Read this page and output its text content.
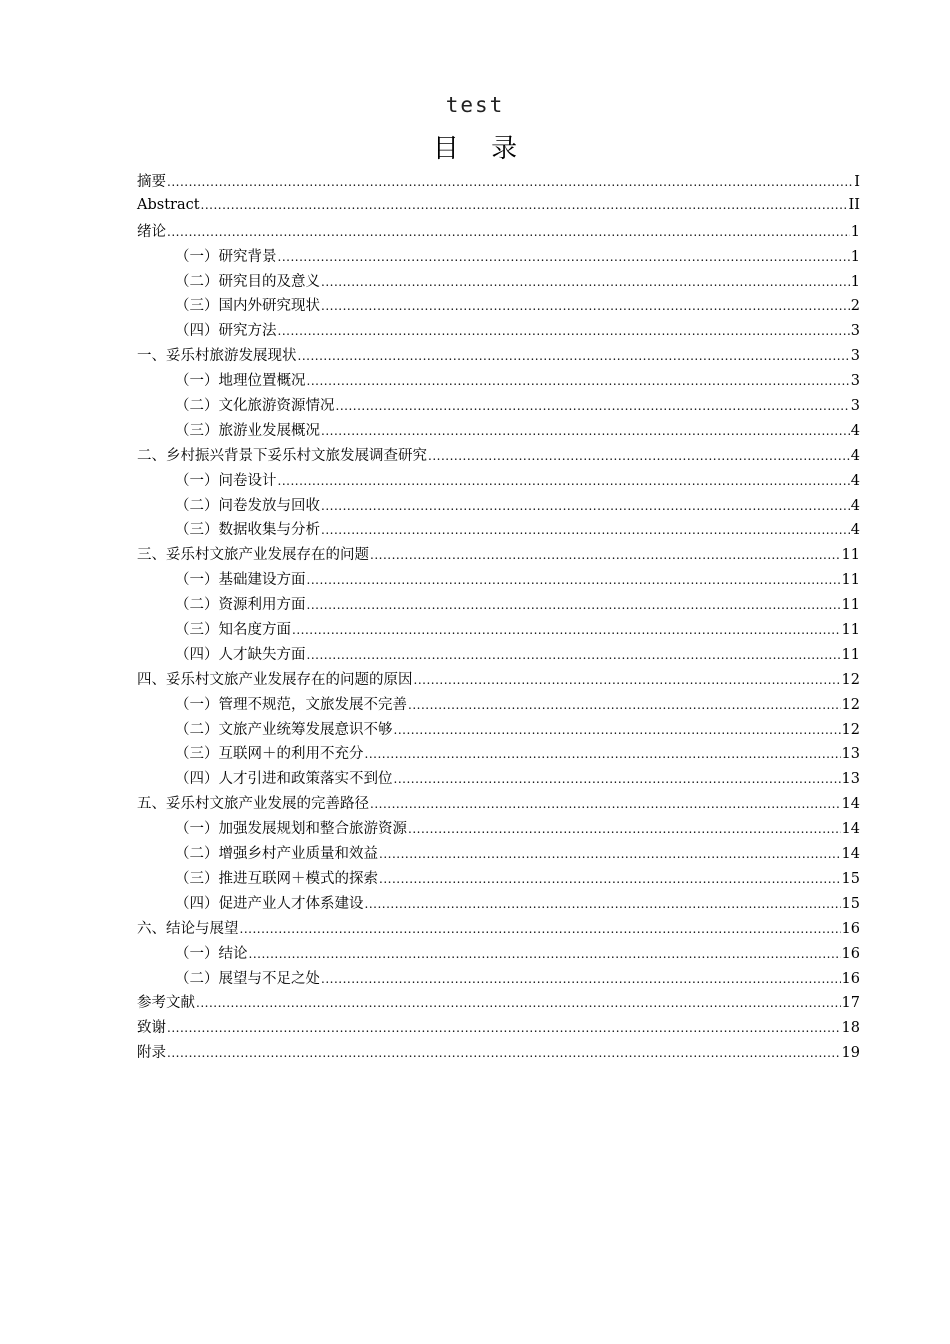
test
目 录
摘要 .....	I
Abstract .....	II
绪论 .....	1
（一）研究背景 .....	1
（二）研究目的及意义 .....	1
（三）国内外研究现状 .....	2
（四）研究方法 .....	3
一、妥乐村旅游发展现状 .....	3
（一）地理位置概况 .....	3
（二）文化旅游资源情况 .....	3
（三）旅游业发展概况 .....	4
二、乡村振兴背景下妥乐村文旅发展调查研究 .....	4
（一）问卷设计 .....	4
（二）问卷发放与回收 .....	4
（三）数据收集与分析 .....	4
三、妥乐村文旅产业发展存在的问题 .....	11
（一）基础建设方面 .....	11
（二）资源利用方面 .....	11
（三）知名度方面 .....	11
（四）人才缺失方面 .....	11
四、妥乐村文旅产业发展存在的问题的原因 .....	12
（一）管理不规范，文旅发展不完善 .....	12
（二）文旅产业统筹发展意识不够 .....	12
（三）互联网＋的利用不充分 .....	13
（四）人才引进和政策落实不到位 .....	13
五、妥乐村文旅产业发展的完善路径 .....	14
（一）加强发展规划和整合旅游资源 .....	14
（二）增强乡村产业质量和效益 .....	14
（三）推进互联网＋模式的探索 .....	15
（四）促进产业人才体系建设 .....	15
六、结论与展望 .....	16
（一）结论 .....	16
（二）展望与不足之处 .....	16
参考文献 .....	17
致谢 .....	18
附录 .....	19
